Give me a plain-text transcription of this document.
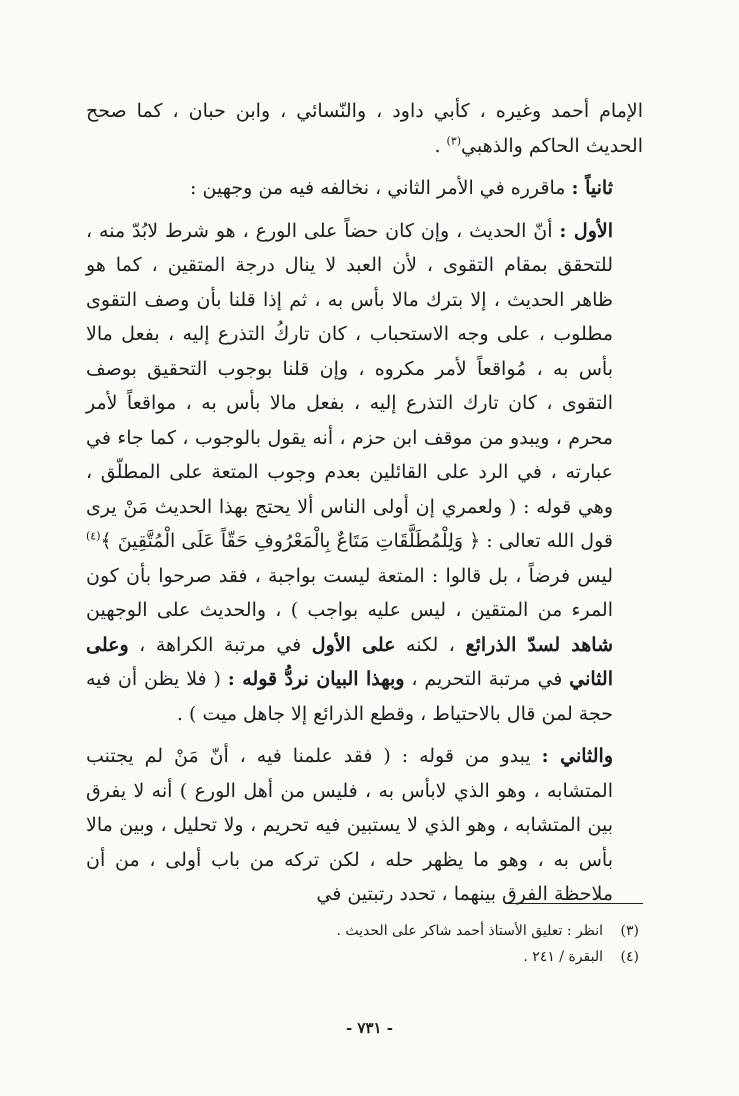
الإمام أحمد وغيره ، كأبي داود ، والنّسائي ، وابن حبان ، كما صحح الحديث الحاكم والذهبي$^{(٣)}$ .

ثانياً : ماقرره في الأمر الثاني ، نخالفه فيه من وجهين :

الأول : أنّ الحديث ، وإن كان حضاً على الورع ، هو شرط لابُدّ منه ، للتحقق بمقام التقوى ، لأن العبد لا ينال درجة المتقين ، كما هو ظاهر الحديث ، إلا بترك مالا بأس به ، ثم إذا قلنا بأن وصف التقوى مطلوب ، على وجه الاستحباب ، كان تاركُ التذرع إليه ، بفعل مالا بأس به ، مُواقعاً لأمر مكروه ، وإن قلنا بوجوب التحقيق بوصف التقوى ، كان تارك التذرع إليه ، بفعل مالا بأس به ، مواقعاً لأمر محرم ، ويبدو من موقف ابن حزم ، أنه يقول بالوجوب ، كما جاء في عبارته ، في الرد على القائلين بعدم وجوب المتعة على المطلّق ، وهي قوله : ( ولعمري إن أولى الناس ألا يحتج بهذا الحديث مَنْ يرى قول الله تعالى : ﴿ وَلِلْمُطَلَّقَاتِ مَتَاعٌ بِالْمَعْرُوفِ حَقّاً عَلَى الْمُتَّقِينَ ﴾$^{(٤)}$ ليس فرضاً ، بل قالوا : المتعة ليست بواجبة ، فقد صرحوا بأن كون المرء من المتقين ، ليس عليه بواجب ) ، والحديث على الوجهين شاهد لسدّ الذرائع ، لكنه على الأول في مرتبة الكراهة ، وعلى الثاني في مرتبة التحريم ، وبهذا البيان نردُّ قوله : ( فلا يظن أن فيه حجة لمن قال بالاحتياط ، وقطع الذرائع إلا جاهل ميت ) .

والثاني : يبدو من قوله : ( فقد علمنا فيه ، أنّ مَنْ لم يجتنب المتشابه ، وهو الذي لابأس به ، فليس من أهل الورع ) أنه لا يفرق بين المتشابه ، وهو الذي لا يستبين فيه تحريم ، ولا تحليل ، وبين مالا بأس به ، وهو ما يظهر حله ، لكن تركه من باب أولى ، من أن ملاحظة الفرق بينهما ، تحدد رتبتين في

(٣)
انظر : تعليق الأستاذ أحمد شاكر على الحديث .
(٤)
البقرة / ٢٤١ .
- ٧٣١ -
